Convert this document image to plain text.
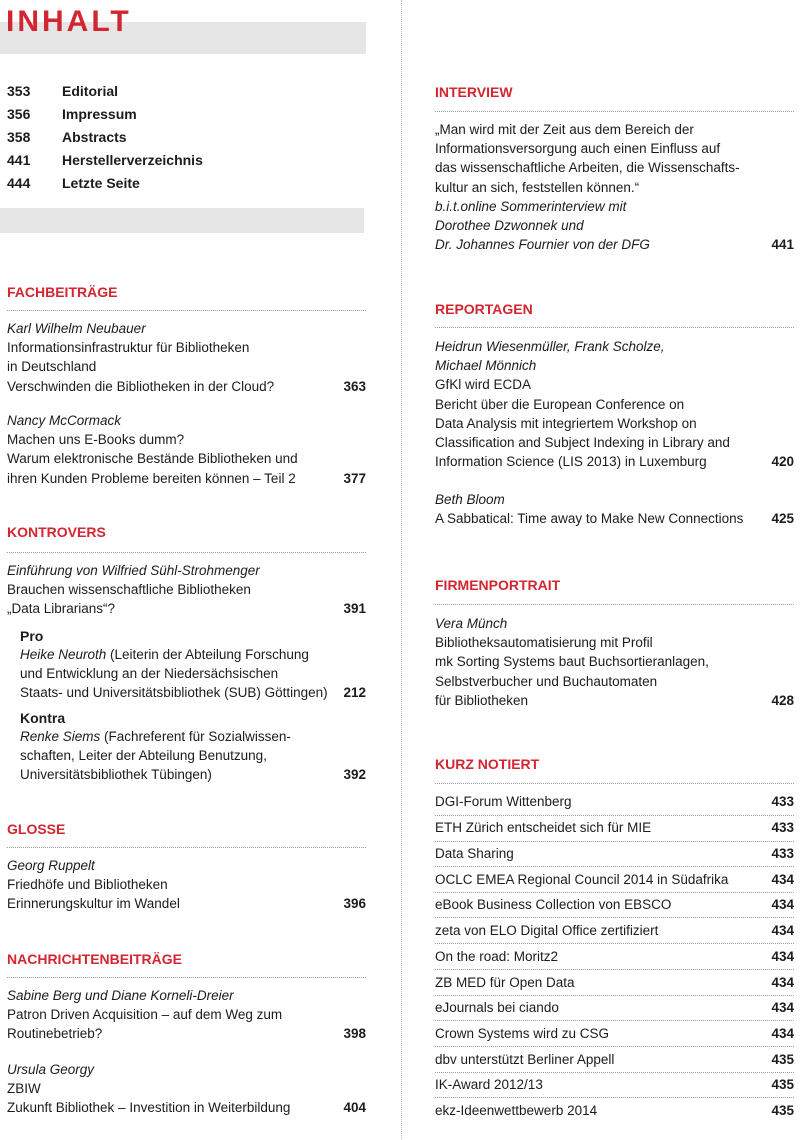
INHALT
353 Editorial
356 Impressum
358 Abstracts
441 Herstellerverzeichnis
444 Letzte Seite
FACHBEITRÄGE
Karl Wilhelm Neubauer
Informationsinfrastruktur für Bibliotheken
in Deutschland
Verschwinden die Bibliotheken in der Cloud?	363
Nancy McCormack
Machen uns E-Books dumm?
Warum elektronische Bestände Bibliotheken und
ihren Kunden Probleme bereiten können – Teil 2	377
KONTROVERS
Einführung von Wilfried Sühl-Strohmenger
Brauchen wissenschaftliche Bibliotheken
„Data Librarians“?	391
Pro
Heike Neuroth (Leiterin der Abteilung Forschung
und Entwicklung an der Niedersächsischen
Staats- und Universitätsbibliothek (SUB) Göttingen) 212
Kontra
Renke Siems (Fachreferent für Sozialwissen-
schaften, Leiter der Abteilung Benutzung,
Universitätsbibliothek Tübingen)	392
GLOSSE
Georg Ruppelt
Friedhöfe und Bibliotheken
Erinnerungskultur im Wandel	396
NACHRICHTENBEITRÄGE
Sabine Berg und Diane Korneli-Dreier
Patron Driven Acquisition – auf dem Weg zum
Routinebetrieb?	398
Ursula Georgy
ZBIW
Zukunft Bibliothek – Investition in Weiterbildung	404
INTERVIEW
„Man wird mit der Zeit aus dem Bereich der
Informationsversorgung auch einen Einfluss auf
das wissenschaftliche Arbeiten, die Wissenschafts-
kultur an sich, feststellen können.“
b.i.t.online Sommerinterview mit
Dorothee Dzwonnek und
Dr. Johannes Fournier von der DFG	441
REPORTAGEN
Heidrun Wiesenmüller, Frank Scholze,
Michael Mönnich
GfKl wird ECDA
Bericht über die European Conference on
Data Analysis mit integriertem Workshop on
Classification and Subject Indexing in Library and
Information Science (LIS 2013) in Luxemburg	420
Beth Bloom
A Sabbatical: Time away to Make New Connections 425
FIRMENPORTRAIT
Vera Münch
Bibliotheksautomatisierung mit Profil
mk Sorting Systems baut Buchsortieranlagen,
Selbstverbucher und Buchautomaten
für Bibliotheken	428
KURZ NOTIERT
DGI-Forum Wittenberg	433
ETH Zürich entscheidet sich für MIE	433
Data Sharing	433
OCLC EMEA Regional Council 2014 in Südafrika	434
eBook Business Collection von EBSCO	434
zeta von ELO Digital Office zertifiziert	434
On the road: Moritz2	434
ZB MED für Open Data	434
eJournals bei ciando	434
Crown Systems wird zu CSG	434
dbv unterstützt Berliner Appell	435
IK-Award 2012/13	435
ekz-Ideenwettbewerb 2014	435
